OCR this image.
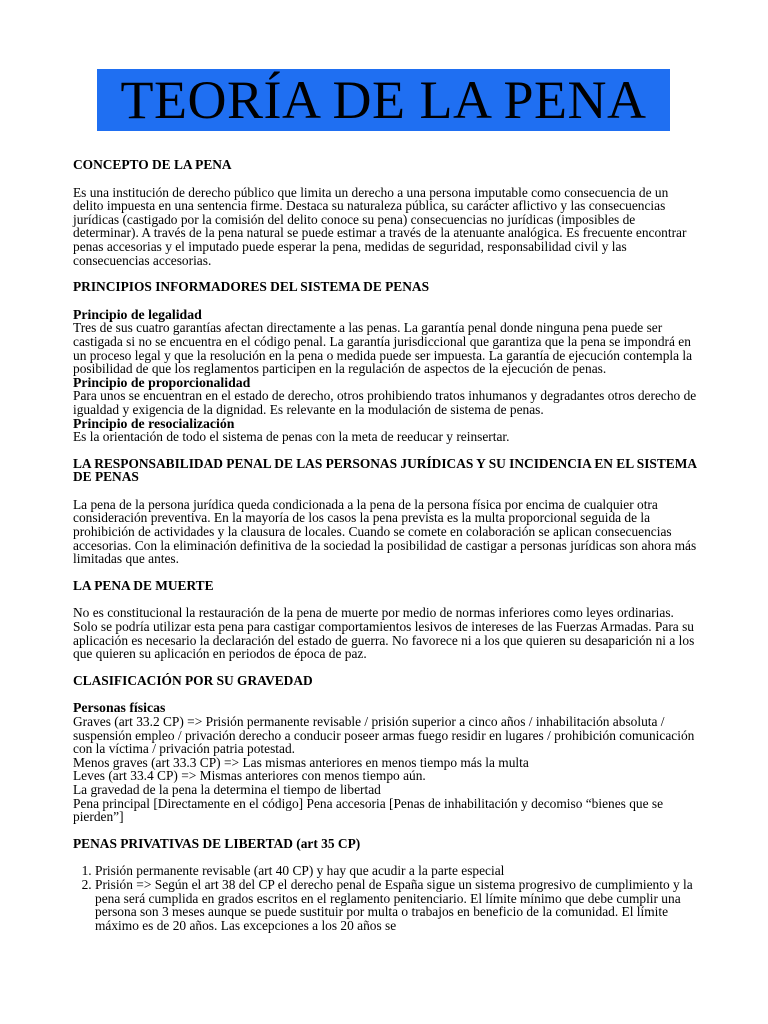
TEORÍA DE LA PENA
CONCEPTO DE LA PENA

Es una institución de derecho público que limita un derecho a una persona imputable como consecuencia de un delito impuesta en una sentencia firme. Destaca su naturaleza pública, su carácter aflictivo y las consecuencias jurídicas (castigado por la comisión del delito conoce su pena) consecuencias no jurídicas (imposibles de determinar). A través de la pena natural se puede estimar a través de la atenuante analógica. Es frecuente encontrar penas accesorias y el imputado puede esperar la pena, medidas de seguridad, responsabilidad civil y las consecuencias accesorias.

PRINCIPIOS INFORMADORES DEL SISTEMA DE PENAS
Principio de legalidad
Tres de sus cuatro garantías afectan directamente a las penas. La garantía penal donde ninguna pena puede ser castigada si no se encuentra en el código penal. La garantía jurisdiccional que garantiza que la pena se impondrá en un proceso legal y que la resolución en la pena o medida puede ser impuesta. La garantía de ejecución contempla la posibilidad de que los reglamentos participen en la regulación de aspectos de la ejecución de penas.
Principio de proporcionalidad
Para unos se encuentran en el estado de derecho, otros prohibiendo tratos inhumanos y degradantes otros derecho de igualdad y exigencia de la dignidad. Es relevante en la modulación de sistema de penas.
Principio de resocialización
Es la orientación de todo el sistema de penas con la meta de reeducar y reinsertar.
LA RESPONSABILIDAD PENAL DE LAS PERSONAS JURÍDICAS Y SU INCIDENCIA EN EL SISTEMA DE PENAS

La pena de la persona jurídica queda condicionada a la pena de la persona física por encima de cualquier otra consideración preventiva. En la mayoría de los casos la pena prevista es la multa proporcional seguida de la prohibición de actividades y la clausura de locales. Cuando se comete en colaboración se aplican consecuencias accesorias. Con la eliminación definitiva de la sociedad la posibilidad de castigar a personas jurídicas son ahora más limitadas que antes.

LA PENA DE MUERTE

No es constitucional la restauración de la pena de muerte por medio de normas inferiores como leyes ordinarias. Solo se podría utilizar esta pena para castigar comportamientos lesivos de intereses de las Fuerzas Armadas. Para su aplicación es necesario la declaración del estado de guerra. No favorece ni a los que quieren su desaparición ni a los que quieren su aplicación en periodos de época de paz.

CLASIFICACIÓN POR SU GRAVEDAD
Personas físicas
Graves (art 33.2 CP) => Prisión permanente revisable / prisión superior a cinco años / inhabilitación absoluta / suspensión empleo / privación derecho a conducir poseer armas fuego residir en lugares / prohibición comunicación con la víctima / privación patria potestad.
Menos graves (art 33.3 CP) => Las mismas anteriores en menos tiempo más la multa
Leves (art 33.4 CP) => Mismas anteriores con menos tiempo aún.
La gravedad de la pena la determina el tiempo de libertad
Pena principal [Directamente en el código] Pena accesoria [Penas de inhabilitación y decomiso “bienes que se pierden”]
PENAS PRIVATIVAS DE LIBERTAD (art 35 CP)
1. Prisión permanente revisable (art 40 CP) y hay que acudir a la parte especial
2. Prisión => Según el art 38 del CP el derecho penal de España sigue un sistema progresivo de cumplimiento y la pena será cumplida en grados escritos en el reglamento penitenciario. El límite mínimo que debe cumplir una persona son 3 meses aunque se puede sustituir por multa o trabajos en beneficio de la comunidad. El límite máximo es de 20 años. Las excepciones a los 20 años se
